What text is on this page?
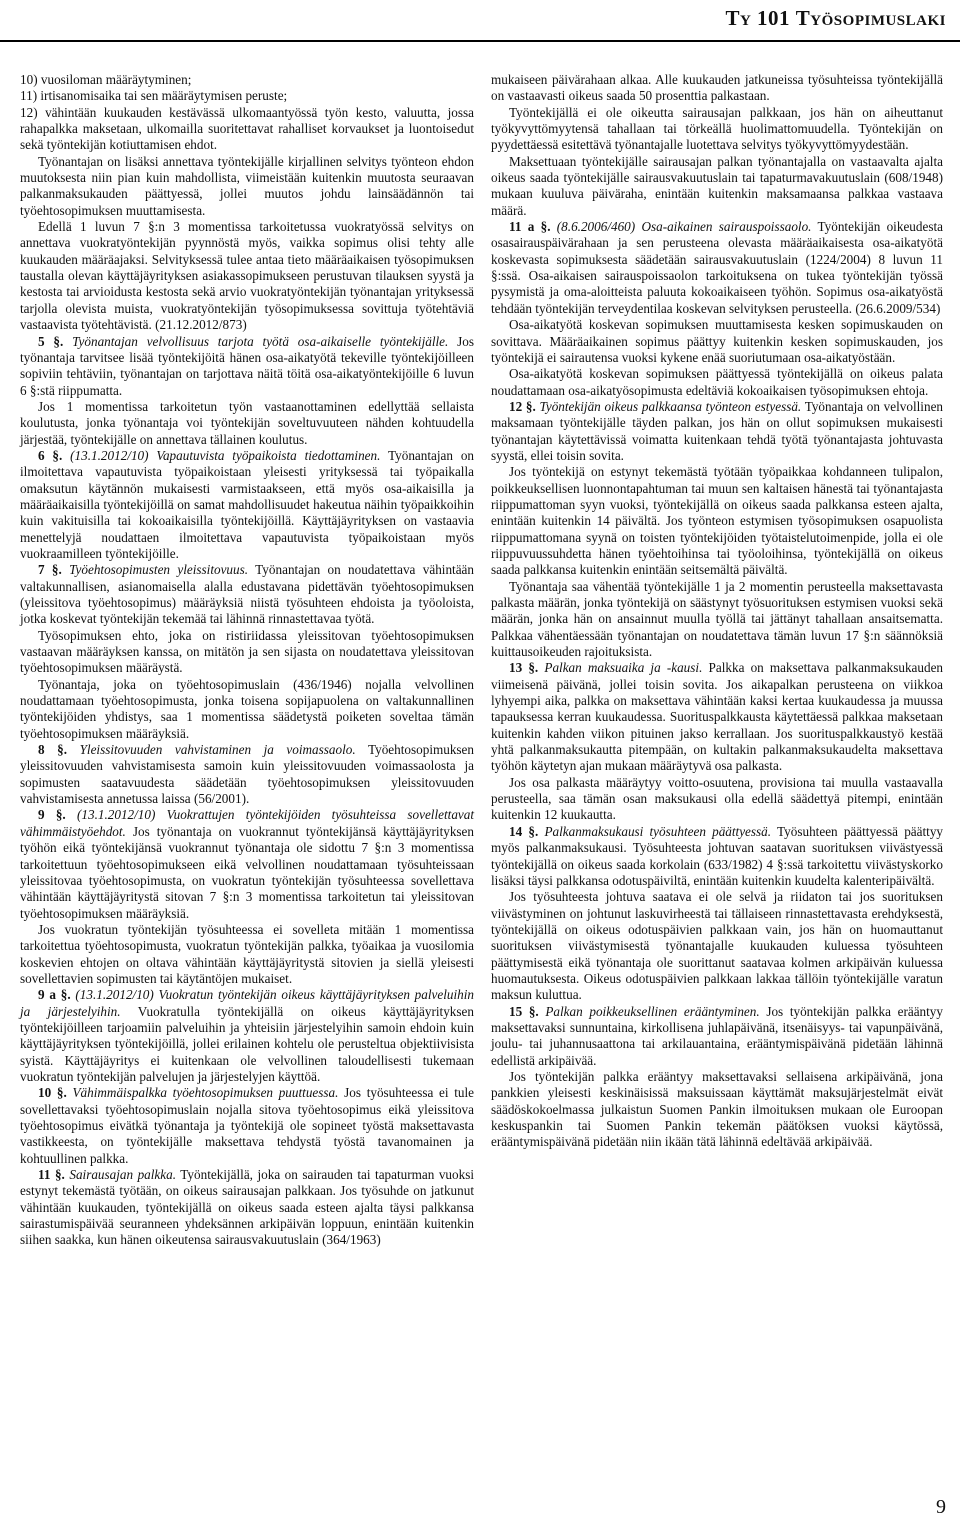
Ty 101 Työsopimuslaki

10) vuosiloman määräytyminen;

11) irtisanomisaika tai sen määräytymisen peruste;

12) vähintään kuukauden kestävässä ulkomaantyössä työn kesto, valuutta, jossa rahapalkka maksetaan, ulkomailla suoritettavat rahalliset korvaukset ja luontoisedut sekä työntekijän kotiuttamisen ehdot.

Työnantajan on lisäksi annettava työntekijälle kirjallinen selvitys työnteon ehdon muutoksesta niin pian kuin mahdollista, viimeistään kuitenkin muutosta seuraavan palkanmaksukauden päättyessä, jollei muutos johdu lainsäädännön tai työehtosopimuksen muuttamisesta.

Edellä 1 luvun 7 §:n 3 momentissa tarkoitetussa vuokratyössä selvitys on annettava vuokratyöntekijän pyynnöstä myös, vaikka sopimus olisi tehty alle kuukauden määräajaksi. Selvityksessä tulee antaa tieto määräaikaisen työsopimuksen taustalla olevan käyttäjäyrityksen asiakassopimukseen perustuvan tilauksen syystä ja kestosta tai arvioidusta kestosta sekä arvio vuokratyöntekijän työnantajan yrityksessä tarjolla olevista muista, vuokratyöntekijän työsopimuksessa sovittuja työtehtäviä vastaavista työtehtävistä. (21.12.2012/873)

5 §. Työnantajan velvollisuus tarjota työtä osa-aikaiselle työntekijälle. Jos työnantaja tarvitsee lisää työntekijöitä hänen osa-aikatyötä tekeville työntekijöilleen sopiviin tehtäviin, työnantajan on tarjottava näitä töitä osa-aikatyöntekijöille 6 luvun 6 §:stä riippumatta.

Jos 1 momentissa tarkoitetun työn vastaanottaminen edellyttää sellaista koulutusta, jonka työnantaja voi työntekijän soveltuvuuteen nähden kohtuudella järjestää, työntekijälle on annettava tällainen koulutus.

6 §. (13.1.2012/10) Vapautuvista työpaikoista tiedottaminen. Työnantajan on ilmoitettava vapautuvista työpaikoistaan yleisesti yrityksessä tai työpaikalla omaksutun käytännön mukaisesti varmistaakseen, että myös osa-aikaisilla ja määräaikaisilla työntekijöillä on samat mahdollisuudet hakeutua näihin työpaikkoihin kuin vakituisilla tai kokoaikaisilla työntekijöillä. Käyttäjäyrityksen on vastaavia menettelyjä noudattaen ilmoitettava vapautuvista työpaikoistaan myös vuokraamilleen työntekijöille.

7 §. Työehtosopimusten yleissitovuus. Työnantajan on noudatettava vähintään valtakunnallisen, asianomaisella alalla edustavana pidettävän työehtosopimuksen (yleissitova työehtosopimus) määräyksiä niistä työsuhteen ehdoista ja työoloista, jotka koskevat työntekijän tekemää tai lähinnä rinnastettavaa työtä.

Työsopimuksen ehto, joka on ristiriidassa yleissitovan työehtosopimuksen vastaavan määräyksen kanssa, on mitätön ja sen sijasta on noudatettava yleissitovan työehtosopimuksen määräystä.

Työnantaja, joka on työehtosopimuslain (436/1946) nojalla velvollinen noudattamaan työehtosopimusta, jonka toisena sopijapuolena on valtakunnallinen työntekijöiden yhdistys, saa 1 momentissa säädetystä poiketen soveltaa tämän työehtosopimuksen määräyksiä.

8 §. Yleissitovuuden vahvistaminen ja voimassaolo. Työehtosopimuksen yleissitovuuden vahvistamisesta samoin kuin yleissitovuuden voimassaolosta ja sopimusten saatavuudesta säädetään työehtosopimuksen yleissitovuuden vahvistamisesta annetussa laissa (56/2001).

9 §. (13.1.2012/10) Vuokrattujen työntekijöiden työsuhteissa sovellettavat vähimmäistyöehdot. Jos työnantaja on vuokrannut työntekijänsä käyttäjäyrityksen työhön eikä työntekijänsä vuokrannut työnantaja ole sidottu 7 §:n 3 momentissa tarkoitettuun työehtosopimukseen eikä velvollinen noudattamaan työsuhteissaan yleissitovaa työehtosopimusta, on vuokratun työntekijän työsuhteessa sovellettava vähintään käyttäjäyritystä sitovan 7 §:n 3 momentissa tarkoitetun tai yleissitovan työehtosopimuksen määräyksiä.

Jos vuokratun työntekijän työsuhteessa ei sovelleta mitään 1 momentissa tarkoitettua työehtosopimusta, vuokratun työntekijän palkka, työaikaa ja vuosilomia koskevien ehtojen on oltava vähintään käyttäjäyritystä sitovien ja siellä yleisesti sovellettavien sopimusten tai käytäntöjen mukaiset.

9 a §. (13.1.2012/10) Vuokratun työntekijän oikeus käyttäjäyrityksen palveluihin ja järjestelyihin. Vuokratulla työntekijällä on oikeus käyttäjäyrityksen työntekijöilleen tarjoamiin palveluihin ja yhteisiin järjestelyihin samoin ehdoin kuin käyttäjäyrityksen työntekijöillä, jollei erilainen kohtelu ole perusteltua objektiivisista syistä. Käyttäjäyritys ei kuitenkaan ole velvollinen taloudellisesti tukemaan vuokratun työntekijän palvelujen ja järjestelyjen käyttöä.

10 §. Vähimmäispalkka työehtosopimuksen puuttuessa. Jos työsuhteessa ei tule sovellettavaksi työehtosopimuslain nojalla sitova työehtosopimus eikä yleissitova työehtosopimus eivätkä työnantaja ja työntekijä ole sopineet työstä maksettavasta vastikkeesta, on työntekijälle maksettava tehdystä työstä tavanomainen ja kohtuullinen palkka.

11 §. Sairausajan palkka. Työntekijällä, joka on sairauden tai tapaturman vuoksi estynyt tekemästä työtään, on oikeus sairausajan palkkaan. Jos työsuhde on jatkunut vähintään kuukauden, työntekijällä on oikeus saada esteen ajalta täysi palkkansa sairastumispäivää seuranneen yhdeksännen arkipäivän loppuun, enintään kuitenkin siihen saakka, kun hänen oikeutensa sairausvakuutuslain (364/1963)

mukaiseen päivärahaan alkaa. Alle kuukauden jatkuneissa työsuhteissa työntekijällä on vastaavasti oikeus saada 50 prosenttia palkastaan.

Työntekijällä ei ole oikeutta sairausajan palkkaan, jos hän on aiheuttanut työkyvyttömyytensä tahallaan tai törkeällä huolimattomuudella. Työntekijän on pyydettäessä esitettävä työnantajalle luotettava selvitys työkyvyttömyydestään.

Maksettuaan työntekijälle sairausajan palkan työnantajalla on vastaavalta ajalta oikeus saada työntekijälle sairausvakuutuslain tai tapaturmavakuutuslain (608/1948) mukaan kuuluva päiväraha, enintään kuitenkin maksamaansa palkkaa vastaava määrä.

11 a §. (8.6.2006/460) Osa-aikainen sairauspoissaolo. Työntekijän oikeudesta osasairauspäivärahaan ja sen perusteena olevasta määräaikaisesta osa-aikatyötä koskevasta sopimuksesta säädetään sairausvakuutuslain (1224/2004) 8 luvun 11 §:ssä. Osa-aikaisen sairauspoissaolon tarkoituksena on tukea työntekijän työssä pysymistä ja oma-aloitteista paluuta kokoaikaiseen työhön. Sopimus osa-aikatyöstä tehdään työntekijän terveydentilaa koskevan selvityksen perusteella. (26.6.2009/534)

Osa-aikatyötä koskevan sopimuksen muuttamisesta kesken sopimuskauden on sovittava. Määräaikainen sopimus päättyy kuitenkin kesken sopimuskauden, jos työntekijä ei sairautensa vuoksi kykene enää suoriutumaan osa-aikatyöstään.

Osa-aikatyötä koskevan sopimuksen päättyessä työntekijällä on oikeus palata noudattamaan osa-aikatyösopimusta edeltäviä kokoaikaisen työsopimuksen ehtoja.

12 §. Työntekijän oikeus palkkaansa työnteon estyessä. Työnantaja on velvollinen maksamaan työntekijälle täyden palkan, jos hän on ollut sopimuksen mukaisesti työnantajan käytettävissä voimatta kuitenkaan tehdä työtä työnantajasta johtuvasta syystä, ellei toisin sovita.

Jos työntekijä on estynyt tekemästä työtään työpaikkaa kohdanneen tulipalon, poikkeuksellisen luonnontapahtuman tai muun sen kaltaisen hänestä tai työnantajasta riippumattoman syyn vuoksi, työntekijällä on oikeus saada palkkansa esteen ajalta, enintään kuitenkin 14 päivältä. Jos työnteon estymisen työsopimuksen osapuolista riippumattomana syynä on toisten työntekijöiden työtaistelutoimenpide, jolla ei ole riippuvuussuhdetta hänen työehtoihinsa tai työoloihinsa, työntekijällä on oikeus saada palkkansa kuitenkin enintään seitsemältä päivältä.

Työnantaja saa vähentää työntekijälle 1 ja 2 momentin perusteella maksettavasta palkasta määrän, jonka työntekijä on säästynyt työsuorituksen estymisen vuoksi sekä määrän, jonka hän on ansainnut muulla työllä tai jättänyt tahallaan ansaitsematta. Palkkaa vähentäessään työnantajan on noudatettava tämän luvun 17 §:n säännöksiä kuittausoikeuden rajoituksista.

13 §. Palkan maksuaika ja -kausi. Palkka on maksettava palkanmaksukauden viimeisenä päivänä, jollei toisin sovita. Jos aikapalkan perusteena on viikkoa lyhyempi aika, palkka on maksettava vähintään kaksi kertaa kuukaudessa ja muussa tapauksessa kerran kuukaudessa. Suorituspalkkausta käytettäessä palkkaa maksetaan kuitenkin kahden viikon pituinen jakso kerrallaan. Jos suorituspalkkaustyö kestää yhtä palkanmaksukautta pitempään, on kultakin palkanmaksukaudelta maksettava työhön käytetyn ajan mukaan määräytyvä osa palkasta.

Jos osa palkasta määräytyy voitto-osuutena, provisiona tai muulla vastaavalla perusteella, saa tämän osan maksukausi olla edellä säädettyä pitempi, enintään kuitenkin 12 kuukautta.

14 §. Palkanmaksukausi työsuhteen päättyessä. Työsuhteen päättyessä päättyy myös palkanmaksukausi. Työsuhteesta johtuvan saatavan suorituksen viivästyessä työntekijällä on oikeus saada korkolain (633/1982) 4 §:ssä tarkoitettu viivästyskorko lisäksi täysi palkkansa odotuspäiviltä, enintään kuitenkin kuudelta kalenteripäivältä.

Jos työsuhteesta johtuva saatava ei ole selvä ja riidaton tai jos suorituksen viivästyminen on johtunut laskuvirheestä tai tällaiseen rinnastettavasta erehdyksestä, työntekijällä on oikeus odotuspäivien palkkaan vain, jos hän on huomauttanut suorituksen viivästymisestä työnantajalle kuukauden kuluessa työsuhteen päättymisestä eikä työnantaja ole suorittanut saatavaa kolmen arkipäivän kuluessa huomautuksesta. Oikeus odotuspäivien palkkaan lakkaa tällöin työntekijälle varatun maksun kuluttua.

15 §. Palkan poikkeuksellinen erääntyminen. Jos työntekijän palkka erääntyy maksettavaksi sunnuntaina, kirkollisena juhlapäivänä, itsenäisyys- tai vapunpäivänä, joulu- tai juhannusaattona tai arkilauantaina, erääntymispäivänä pidetään lähinnä edellistä arkipäivää.

Jos työntekijän palkka erääntyy maksettavaksi sellaisena arkipäivänä, jona pankkien yleisesti keskinäisissä maksuissaan käyttämät maksujärjestelmät eivät säädöskokoelmassa julkaistun Suomen Pankin ilmoituksen mukaan ole Euroopan keskuspankin tai Suomen Pankin tekemän päätöksen vuoksi käytössä, erääntymispäivänä pidetään niin ikään tätä lähinnä edeltävää arkipäivää.

9
